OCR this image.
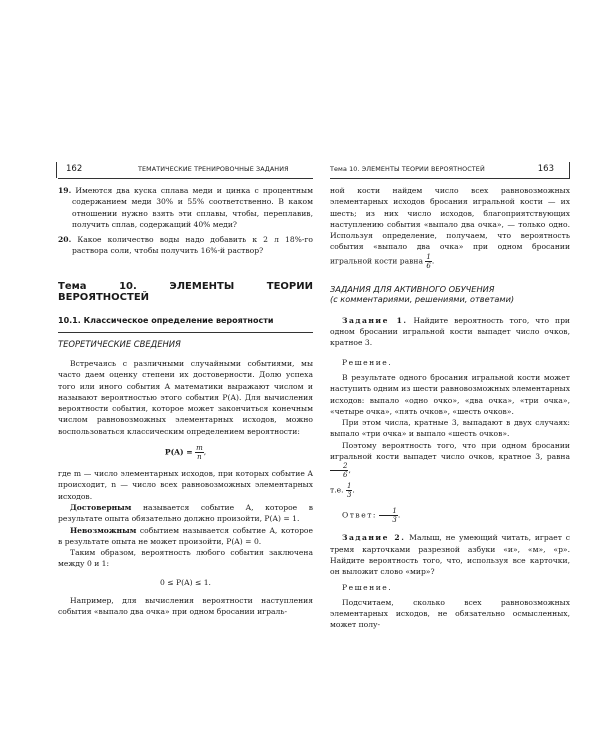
162	ТЕМАТИЧЕСКИЕ ТРЕНИРОВОЧНЫЕ ЗАДАНИЯ

19. Имеются два куска сплава меди и цинка с процентным содержанием меди 30% и 55% соответственно. В каком отношении нужно взять эти сплавы, чтобы, переплавив, получить сплав, содержащий 40% меди?

20. Какое количество воды надо добавить к 2 л 18%-го раствора соли, чтобы получить 16%-й раствор?

Тема 10. ЭЛЕМЕНТЫ ТЕОРИИ ВЕРОЯТНОСТЕЙ
10.1. Классическое определение вероятности
ТЕОРЕТИЧЕСКИЕ СВЕДЕНИЯ

Встречаясь с различными случайными событиями, мы часто даем оценку степени их достоверности. Долю успеха того или иного события A математики выражают числом и называют вероятностью этого события P(A). Для вычисления вероятности события, которое может закончиться конечным числом равновозможных элементарных исходов, можно воспользоваться классическим определением вероятности:

$P(A) = \frac{m}{n}$ ,

где m — число элементарных исходов, при которых событие A происходит, n — число всех равновозможных элементарных исходов.

Достоверным называется событие A, которое в результате опыта обязательно должно произойти, P(A) = 1.

Невозможным событием называется событие A, которое в результате опыта не может произойти, P(A) = 0.

Таким образом, вероятность любого события заключена между 0 и 1:

0 ≤ P(A) ≤ 1.

Например, для вычисления вероятности наступления события «выпало два очка» при одном бросании играль-

Тема 10. ЭЛЕМЕНТЫ ТЕОРИИ ВЕРОЯТНОСТЕЙ	163

ной кости найдем число всех равновозможных элементарных исходов бросания игральной кости — их шесть; из них число исходов, благоприятствующих наступлению события «выпало два очка», — только одно. Используя определение, получаем, что вероятность события «выпало два очка» при одном бросании игральной кости равна $\frac{1}{6}$ .

ЗАДАНИЯ ДЛЯ АКТИВНОГО ОБУЧЕНИЯ
(с комментариями, решениями, ответами)

Задание 1. Найдите вероятность того, что при одном бросании игральной кости выпадет число очков, кратное 3.

Решение.

В результате одного бросания игральной кости может наступить одним из шести равновозможных элементарных исходов: выпало «одно очко», «два очка», «три очка», «четыре очка», «пять очков», «шесть очков».

При этом числа, кратные 3, выпадают в двух случаях: выпало «три очка» и выпало «шесть очков».

Поэтому вероятность того, что при одном бросании игральной кости выпадет число очков, кратное 3, равна
$\frac{2}{6}$ ,

т.е. $\frac{1}{3}$ .

Ответ: $\frac{1}{3}$ .

Задание 2. Малыш, не умеющий читать, играет с тремя карточками разрезной азбуки «и», «м», «р». Найдите вероятность того, что, используя все карточки, он выложит слово «мир»?

Решение.

Подсчитаем, сколько всех равновозможных элементарных исходов, не обязательно осмысленных, может полу-
